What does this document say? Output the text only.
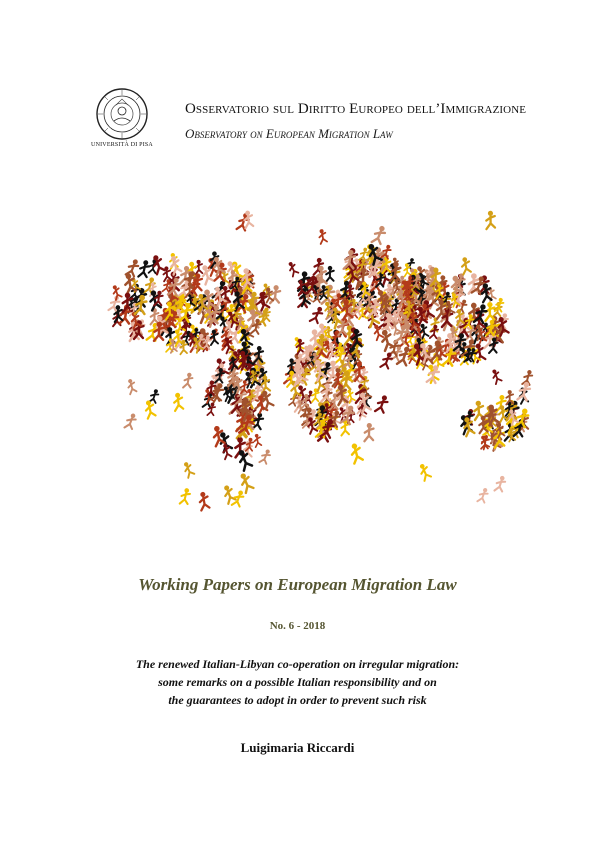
UNIVERSITÀ DI PISA
Osservatorio sul Diritto Europeo dell’Immigrazione
Observatory on European Migration Law
Working Papers on European Migration Law
No. 6 - 2018
The renewed Italian-Libyan co-operation on irregular migration:
some remarks on a possible Italian responsibility and on
the guarantees to adopt in order to prevent such risk
Luigimaria Riccardi
